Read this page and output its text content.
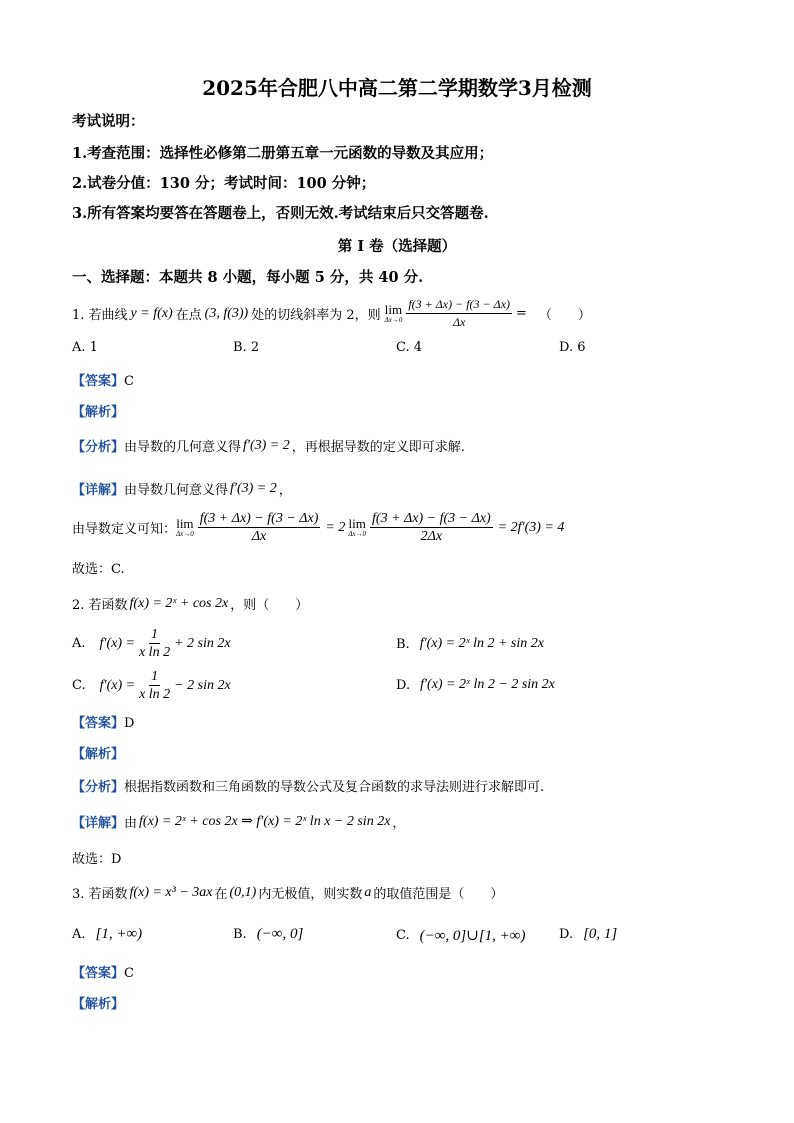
2025年合肥八中高二第二学期数学3月检测
考试说明：
1.考查范围：选择性必修第二册第五章一元函数的导数及其应用；
2.试卷分值：130 分；考试时间：100 分钟；
3.所有答案均要答在答题卷上，否则无效.考试结束后只交答题卷.
第 I 卷（选择题）
一、选择题：本题共 8 小题，每小题 5 分，共 40 分.
1. 若曲线 y = f(x) 在点 (3, f(3)) 处的切线斜率为 2，则 lim
$\Delta x\to 0 \frac{f(3 + \Delta x) - f(3 - \Delta x)}{\Delta x}$ = （　　）
A. 1	B. 2	C. 4	D. 6
【答案】C
【解析】
【分析】 由导数的几何意义得 f′(3) = 2 ，再根据导数的定义即可求解.
【详解】 由导数几何意义得 f′(3) = 2 ，
由导数定义可知： lim
$\Delta x\to 0 \frac{f(3 + \Delta x) - f(3 - \Delta x)}{\Delta x} = 2$ lim
$\Delta x\to 0 \frac{f(3 + \Delta x) - f(3 - \Delta x)}{2\Delta x} = 2f'(3) = 4$
故选：C.
2. 若函数 f(x) = 2ˣ + cos 2x ，则（　　）
A. $f'(x) = \frac{1}{\text{x ln 2}} + 2$ sin 2x	B. f′(x) = 2ˣ ln 2 + sin 2x
C. $f'(x) = \frac{1}{\text{x ln 2}} - 2$ sin 2x	D. f′(x) = 2ˣ ln 2 − 2 sin 2x
【答案】D
【解析】
【分析】根据指数函数和三角函数的导数公式及复合函数的求导法则进行求解即可.
【详解】 由 f(x) = 2ˣ + cos 2x ⇒ f′(x) = 2ˣ ln x − 2 sin 2x ，
故选：D
3. 若函数 f(x) = x³ − 3ax 在 (0,1) 内无极值，则实数 a 的取值范围是（　　）
A. [1, +∞)	B. (−∞, 0]	C. (−∞, 0]∪[1, +∞)	D. [0, 1]
【答案】C
【解析】
